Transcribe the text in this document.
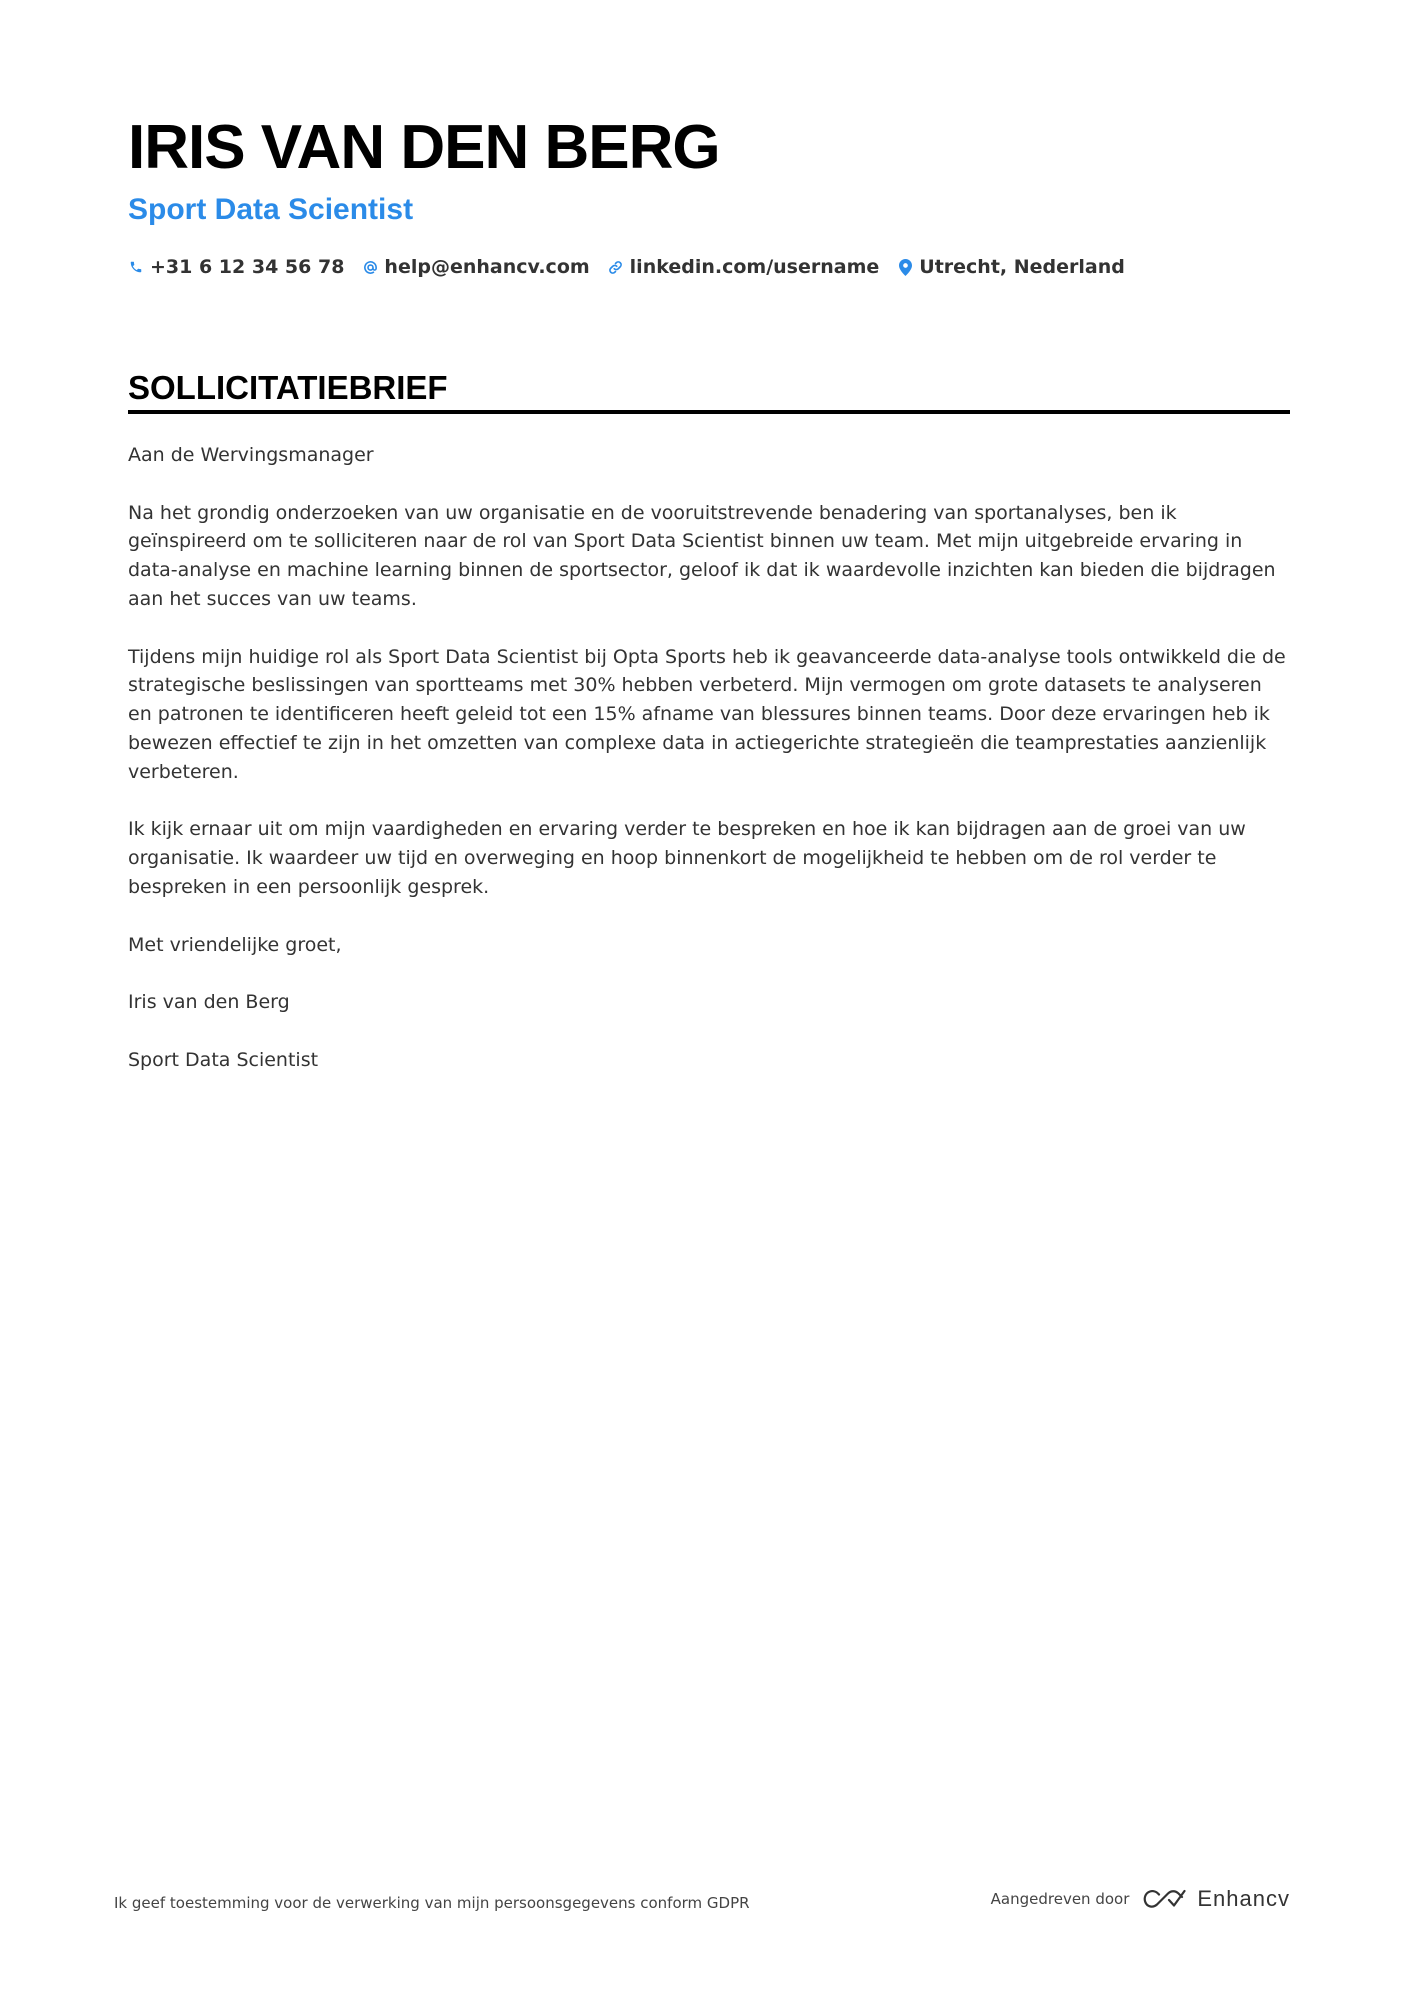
IRIS VAN DEN BERG
Sport Data Scientist
+31 6 12 34 56 78 help@enhancv.com linkedin.com/username Utrecht, Nederland
SOLLICITATIEBRIEF

Aan de Wervingsmanager

Na het grondig onderzoeken van uw organisatie en de vooruitstrevende benadering van sportanalyses, ben ik geïnspireerd om te solliciteren naar de rol van Sport Data Scientist binnen uw team. Met mijn uitgebreide ervaring in data-analyse en machine learning binnen de sportsector, geloof ik dat ik waardevolle inzichten kan bieden die bijdragen aan het succes van uw teams.

Tijdens mijn huidige rol als Sport Data Scientist bij Opta Sports heb ik geavanceerde data-analyse tools ontwikkeld die de strategische beslissingen van sportteams met 30% hebben verbeterd. Mijn vermogen om grote datasets te analyseren en patronen te identificeren heeft geleid tot een 15% afname van blessures binnen teams. Door deze ervaringen heb ik bewezen effectief te zijn in het omzetten van complexe data in actiegerichte strategieën die teamprestaties aanzienlijk verbeteren.

Ik kijk ernaar uit om mijn vaardigheden en ervaring verder te bespreken en hoe ik kan bijdragen aan de groei van uw organisatie. Ik waardeer uw tijd en overweging en hoop binnenkort de mogelijkheid te hebben om de rol verder te bespreken in een persoonlijk gesprek.

Met vriendelijke groet,

Iris van den Berg

Sport Data Scientist

Ik geef toestemming voor de verwerking van mijn persoonsgegevens conform GDPR	Aangedreven door	Enhancv
